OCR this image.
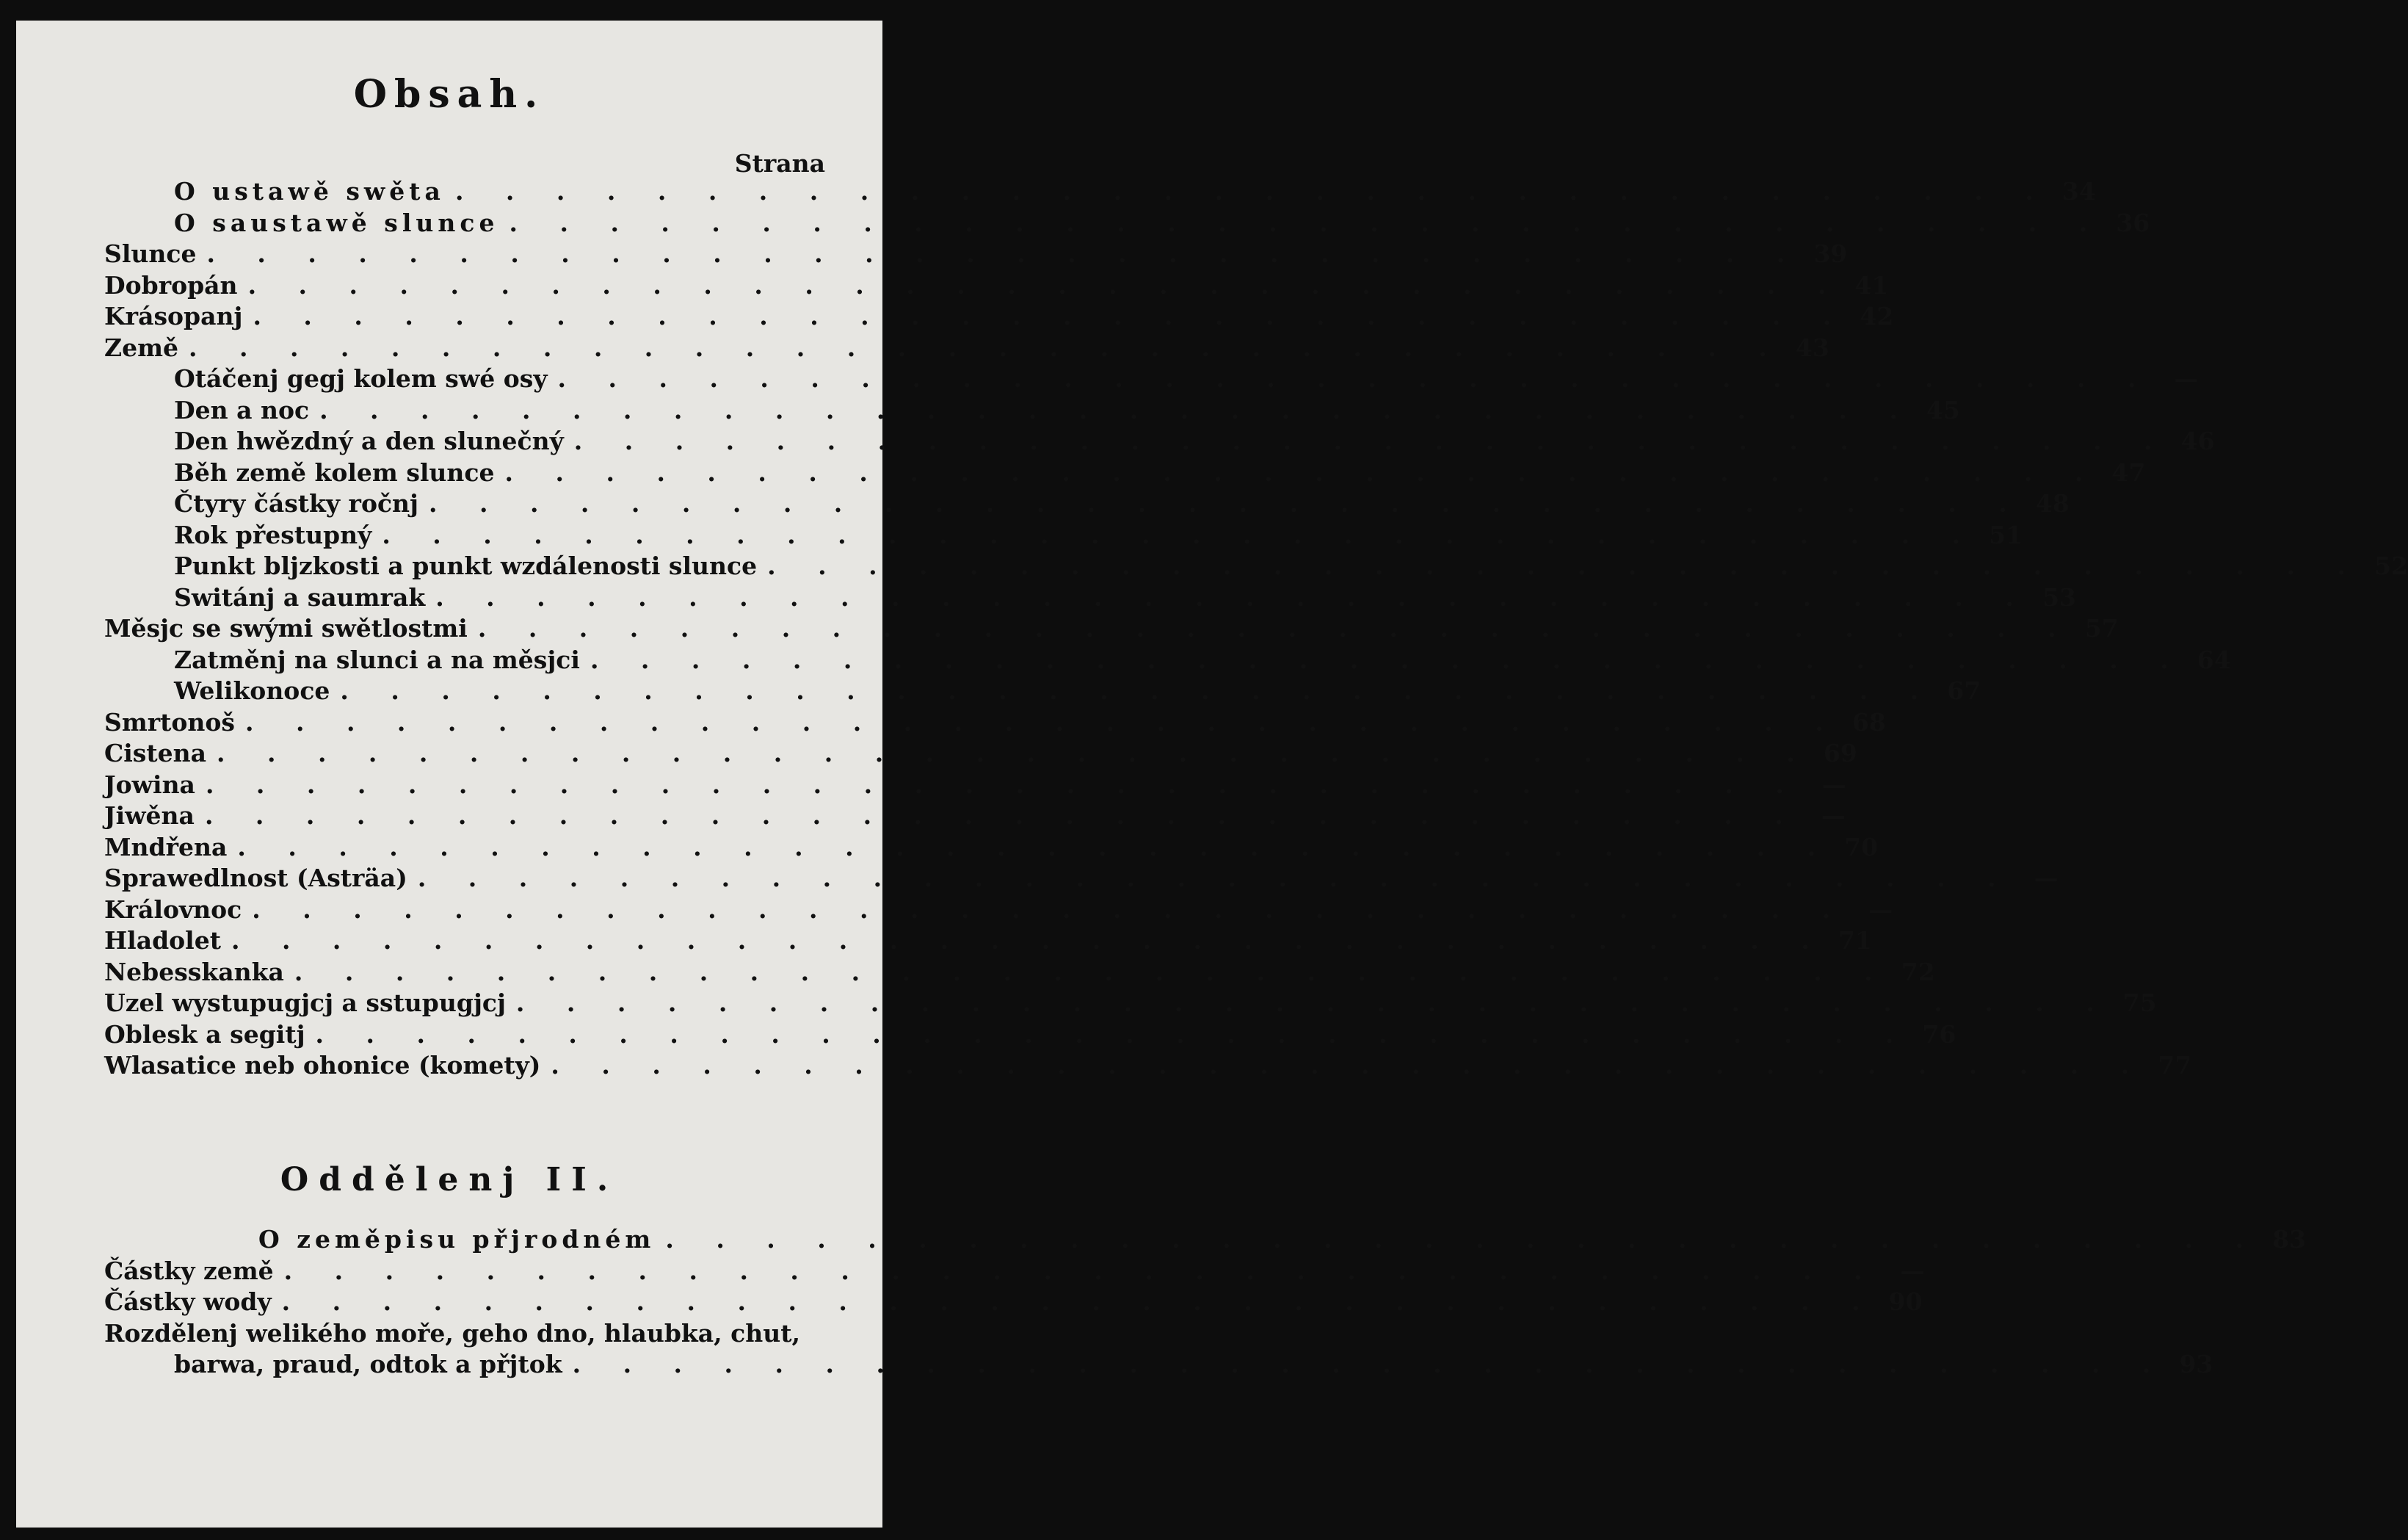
Obsah.
Strana
O ustawě swěta . . . . . . . . . . . . . . . . . . . . . . . . . . . . . . . . 34
O saustawě slunce . . . . . . . . . . . . . . . . . . . . . . . . . . . . . . . . 36
Slunce . . . . . . . . . . . . . . . . . . . . . . . . . . . . . . . . 39
Dobropán . . . . . . . . . . . . . . . . . . . . . . . . . . . . . . . . 41
Krásopanj . . . . . . . . . . . . . . . . . . . . . . . . . . . . . . . . 42
Země . . . . . . . . . . . . . . . . . . . . . . . . . . . . . . . . 43
Otáčenj gegj kolem swé osy . . . . . . . . . . . . . . . . . . . . . . . . . . . . . . . . —
Den a noc . . . . . . . . . . . . . . . . . . . . . . . . . . . . . . . . 45
Den hwězdný a den slunečný . . . . . . . . . . . . . . . . . . . . . . . . . . . . . . . . 46
Běh země kolem slunce . . . . . . . . . . . . . . . . . . . . . . . . . . . . . . . . 47
Čtyry částky ročnj . . . . . . . . . . . . . . . . . . . . . . . . . . . . . . . . 48
Rok přestupný . . . . . . . . . . . . . . . . . . . . . . . . . . . . . . . . 51
Punkt bljzkosti a punkt wzdálenosti slunce . . . . . . . . . . . . . . . . . . . . . . . . . . . . . . . . 52
Switánj a saumrak . . . . . . . . . . . . . . . . . . . . . . . . . . . . . . . . 53
Měsjc se swými swětlostmi . . . . . . . . . . . . . . . . . . . . . . . . . . . . . . . . 57
Zatměnj na slunci a na měsjci . . . . . . . . . . . . . . . . . . . . . . . . . . . . . . . . 64
Welikonoce . . . . . . . . . . . . . . . . . . . . . . . . . . . . . . . . 67
Smrtonoš . . . . . . . . . . . . . . . . . . . . . . . . . . . . . . . . 68
Cistena . . . . . . . . . . . . . . . . . . . . . . . . . . . . . . . . 69
Jowina . . . . . . . . . . . . . . . . . . . . . . . . . . . . . . . . —
Jiwěna . . . . . . . . . . . . . . . . . . . . . . . . . . . . . . . . —
Mndřena . . . . . . . . . . . . . . . . . . . . . . . . . . . . . . . . 70
Sprawedlnost (Asträa) . . . . . . . . . . . . . . . . . . . . . . . . . . . . . . . . —
Královnoc . . . . . . . . . . . . . . . . . . . . . . . . . . . . . . . . —
Hladolet . . . . . . . . . . . . . . . . . . . . . . . . . . . . . . . . 71
Nebesskanka . . . . . . . . . . . . . . . . . . . . . . . . . . . . . . . . 72
Uzel wystupugjcj a sstupugjcj . . . . . . . . . . . . . . . . . . . . . . . . . . . . . . . . 75
Oblesk a segitj . . . . . . . . . . . . . . . . . . . . . . . . . . . . . . . . 76
Wlasatice neb ohonice (komety) . . . . . . . . . . . . . . . . . . . . . . . . . . . . . . . . 77
O zeměpisu přjrodném . . . . . . . . . . . . . . . . . . . . . . . . . . . . . . . . 83
Částky země . . . . . . . . . . . . . . . . . . . . . . . . . . . . . . . . —
Částky wody . . . . . . . . . . . . . . . . . . . . . . . . . . . . . . . . 90
Rozdělenj welikého moře, geho dno, hlaubka, chut,
barwa, praud, odtok a přjtok . . . . . . . . . . . . . . . . . . . . . . . . . . . . . . . . 93
Oddělenj II.
